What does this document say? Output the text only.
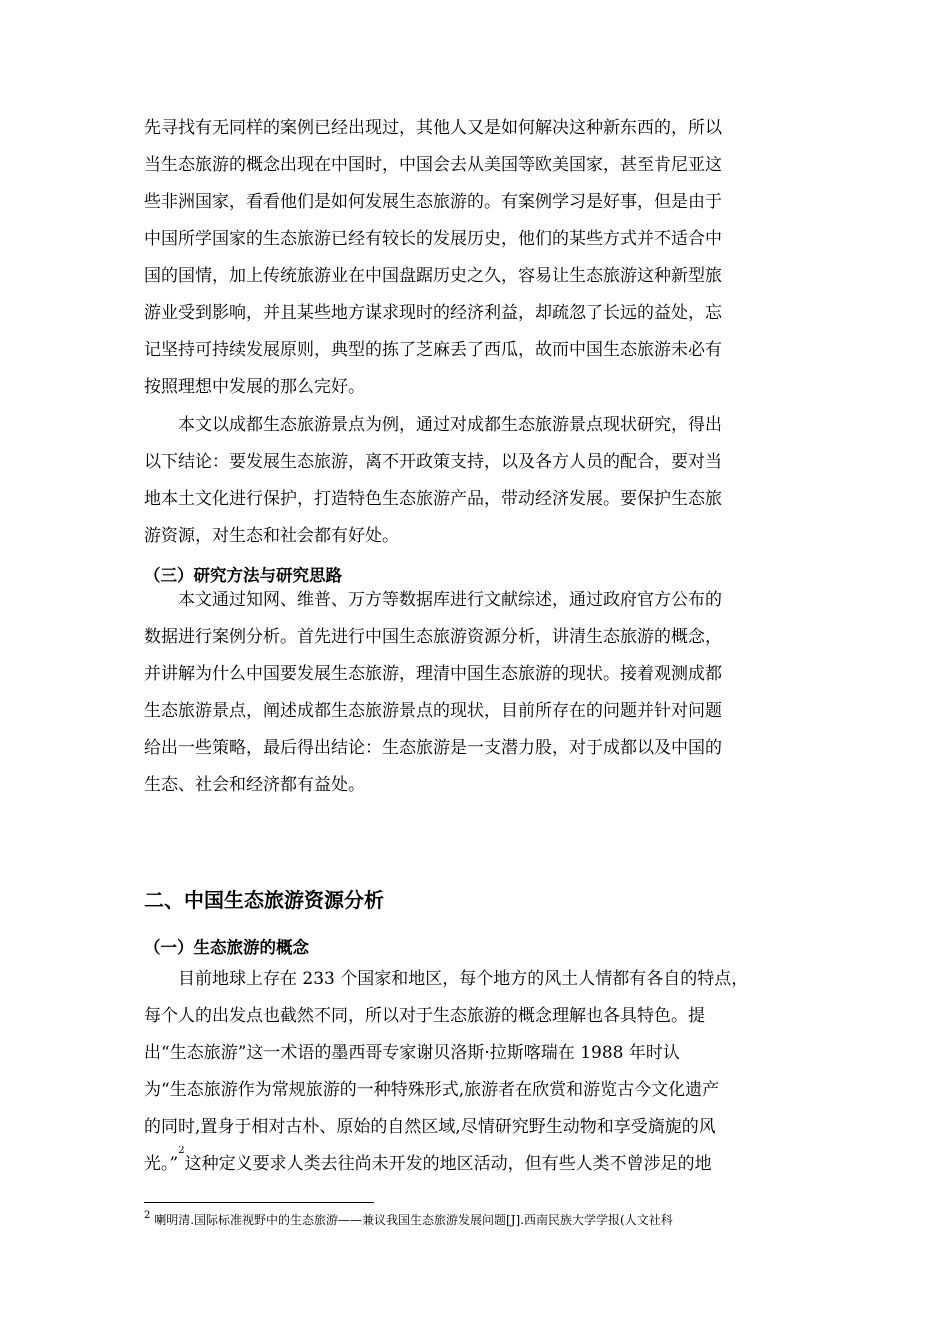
先寻找有无同样的案例已经出现过，其他人又是如何解决这种新东西的，所以
当生态旅游的概念出现在中国时，中国会去从美国等欧美国家，甚至肯尼亚这
些非洲国家，看看他们是如何发展生态旅游的。有案例学习是好事，但是由于
中国所学国家的生态旅游已经有较长的发展历史，他们的某些方式并不适合中
国的国情，加上传统旅游业在中国盘踞历史之久，容易让生态旅游这种新型旅
游业受到影响，并且某些地方谋求现时的经济利益，却疏忽了长远的益处，忘
记坚持可持续发展原则，典型的拣了芝麻丢了西瓜，故而中国生态旅游未必有
按照理想中发展的那么完好。
　　本文以成都生态旅游景点为例，通过对成都生态旅游景点现状研究，得出
以下结论：要发展生态旅游，离不开政策支持，以及各方人员的配合，要对当
地本土文化进行保护，打造特色生态旅游产品，带动经济发展。要保护生态旅
游资源，对生态和社会都有好处。
（三）研究方法与研究思路
　　本文通过知网、维普、万方等数据库进行文献综述，通过政府官方公布的
数据进行案例分析。首先进行中国生态旅游资源分析，讲清生态旅游的概念，
并讲解为什么中国要发展生态旅游，理清中国生态旅游的现状。接着观测成都
生态旅游景点，阐述成都生态旅游景点的现状，目前所存在的问题并针对问题
给出一些策略，最后得出结论：生态旅游是一支潜力股，对于成都以及中国的
生态、社会和经济都有益处。
二、中国生态旅游资源分析
（一）生态旅游的概念
　　目前地球上存在 233 个国家和地区，每个地方的风土人情都有各自的特点，
每个人的出发点也截然不同，所以对于生态旅游的概念理解也各具特色。提
出“生态旅游”这一术语的墨西哥专家谢贝洛斯·拉斯喀瑞在 1988 年时认
为“生态旅游作为常规旅游的一种特殊形式,旅游者在欣赏和游览古今文化遗产
的同时,置身于相对古朴、原始的自然区域,尽情研究野生动物和享受旖旎的风
光。”$^2$这种定义要求人类去往尚未开发的地区活动，但有些人类不曾涉足的地
$^2$ 喇明清.国际标准视野中的生态旅游——兼议我国生态旅游发展问题[J].西南民族大学学报(人文社科
